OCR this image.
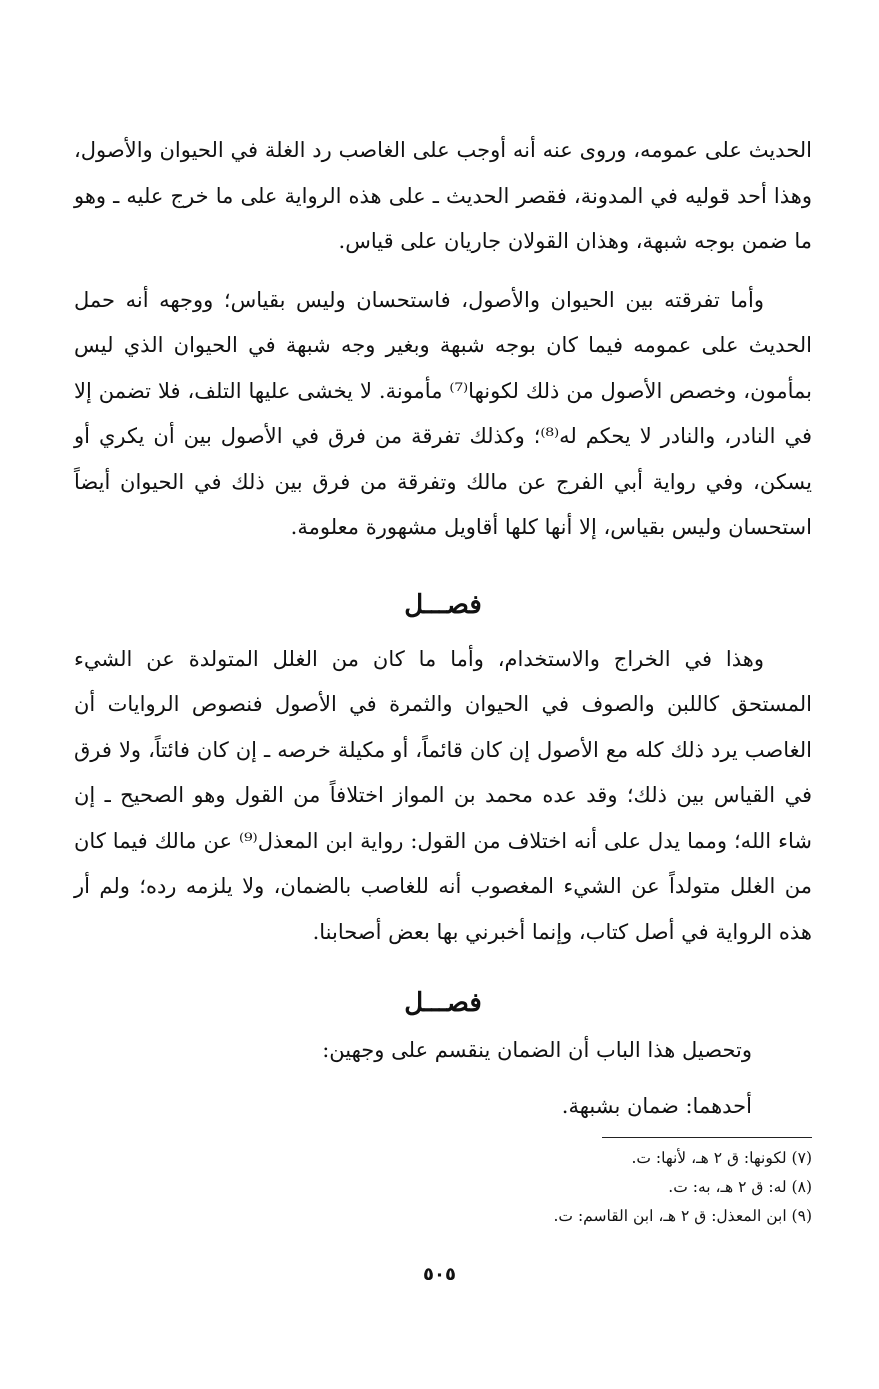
الحديث على عمومه، وروى عنه أنه أوجب على الغاصب رد الغلة في الحيوان والأصول، وهذا أحد قوليه في المدونة، فقصر الحديث ـ على هذه الرواية على ما خرج عليه ـ وهو ما ضمن بوجه شبهة، وهذان القولان جاريان على قياس.

وأما تفرقته بين الحيوان والأصول، فاستحسان وليس بقياس؛ ووجهه أنه حمل الحديث على عمومه فيما كان بوجه شبهة وبغير وجه شبهة في الحيوان الذي ليس بمأمون، وخصص الأصول من ذلك لكونها⁽⁷⁾ مأمونة. لا يخشى عليها التلف، فلا تضمن إلا في النادر، والنادر لا يحكم له⁽⁸⁾؛ وكذلك تفرقة من فرق في الأصول بين أن يكري أو يسكن، وفي رواية أبي الفرج عن مالك وتفرقة من فرق بين ذلك في الحيوان أيضاً استحسان وليس بقياس، إلا أنها كلها أقاويل مشهورة معلومة.

فصـــل

وهذا في الخراج والاستخدام، وأما ما كان من الغلل المتولدة عن الشيء المستحق كاللبن والصوف في الحيوان والثمرة في الأصول فنصوص الروايات أن الغاصب يرد ذلك كله مع الأصول إن كان قائماً، أو مكيلة خرصه ـ إن كان فائتاً، ولا فرق في القياس بين ذلك؛ وقد عده محمد بن المواز اختلافاً من القول وهو الصحيح ـ إن شاء الله؛ ومما يدل على أنه اختلاف من القول: رواية ابن المعذل⁽⁹⁾ عن مالك فيما كان من الغلل متولداً عن الشيء المغصوب أنه للغاصب بالضمان، ولا يلزمه رده؛ ولم أر هذه الرواية في أصل كتاب، وإنما أخبرني بها بعض أصحابنا.

فصـــل

وتحصيل هذا الباب أن الضمان ينقسم على وجهين:

أحدهما: ضمان بشبهة.

(٧) لكونها: ق ٢ هـ، لأنها: ت.
(٨) له: ق ٢ هـ، به: ت.
(٩) ابن المعذل: ق ٢ هـ، ابن القاسم: ت.
٥٠٥
